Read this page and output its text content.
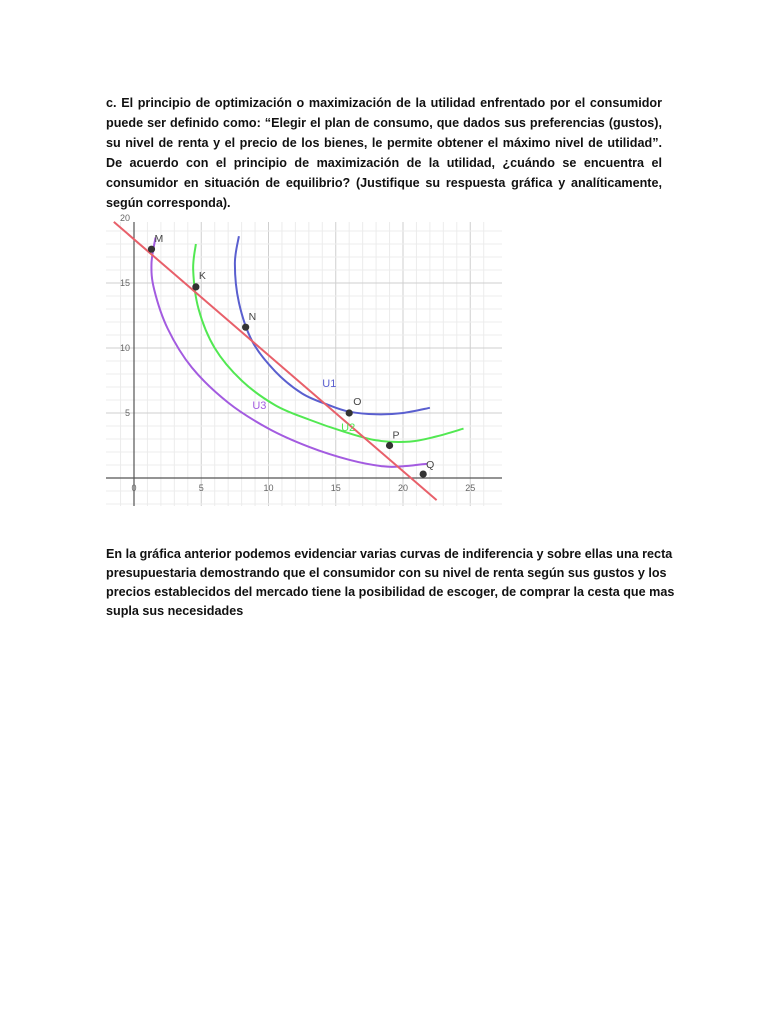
c. El principio de optimización o maximización de la utilidad enfrentado por el consumidor puede ser definido como: “Elegir el plan de consumo, que dados sus preferencias (gustos), su nivel de renta y el precio de los bienes, le permite obtener el máximo nivel de utilidad”. De acuerdo con el principio de maximización de la utilidad, ¿cuándo se encuentra el consumidor en situación de equilibrio? (Justifique su respuesta gráfica y analíticamente, según corresponda).
0	5	10	15	20	25
5
10
15
20
U1
U2
U3
M
K
N
O
P
Q
En la gráfica anterior podemos evidenciar varias curvas de indiferencia y sobre ellas una recta
presupuestaria demostrando que el consumidor con su nivel de renta según sus gustos y los
precios establecidos del mercado tiene la posibilidad de escoger, de comprar la cesta que mas
supla sus necesidades
